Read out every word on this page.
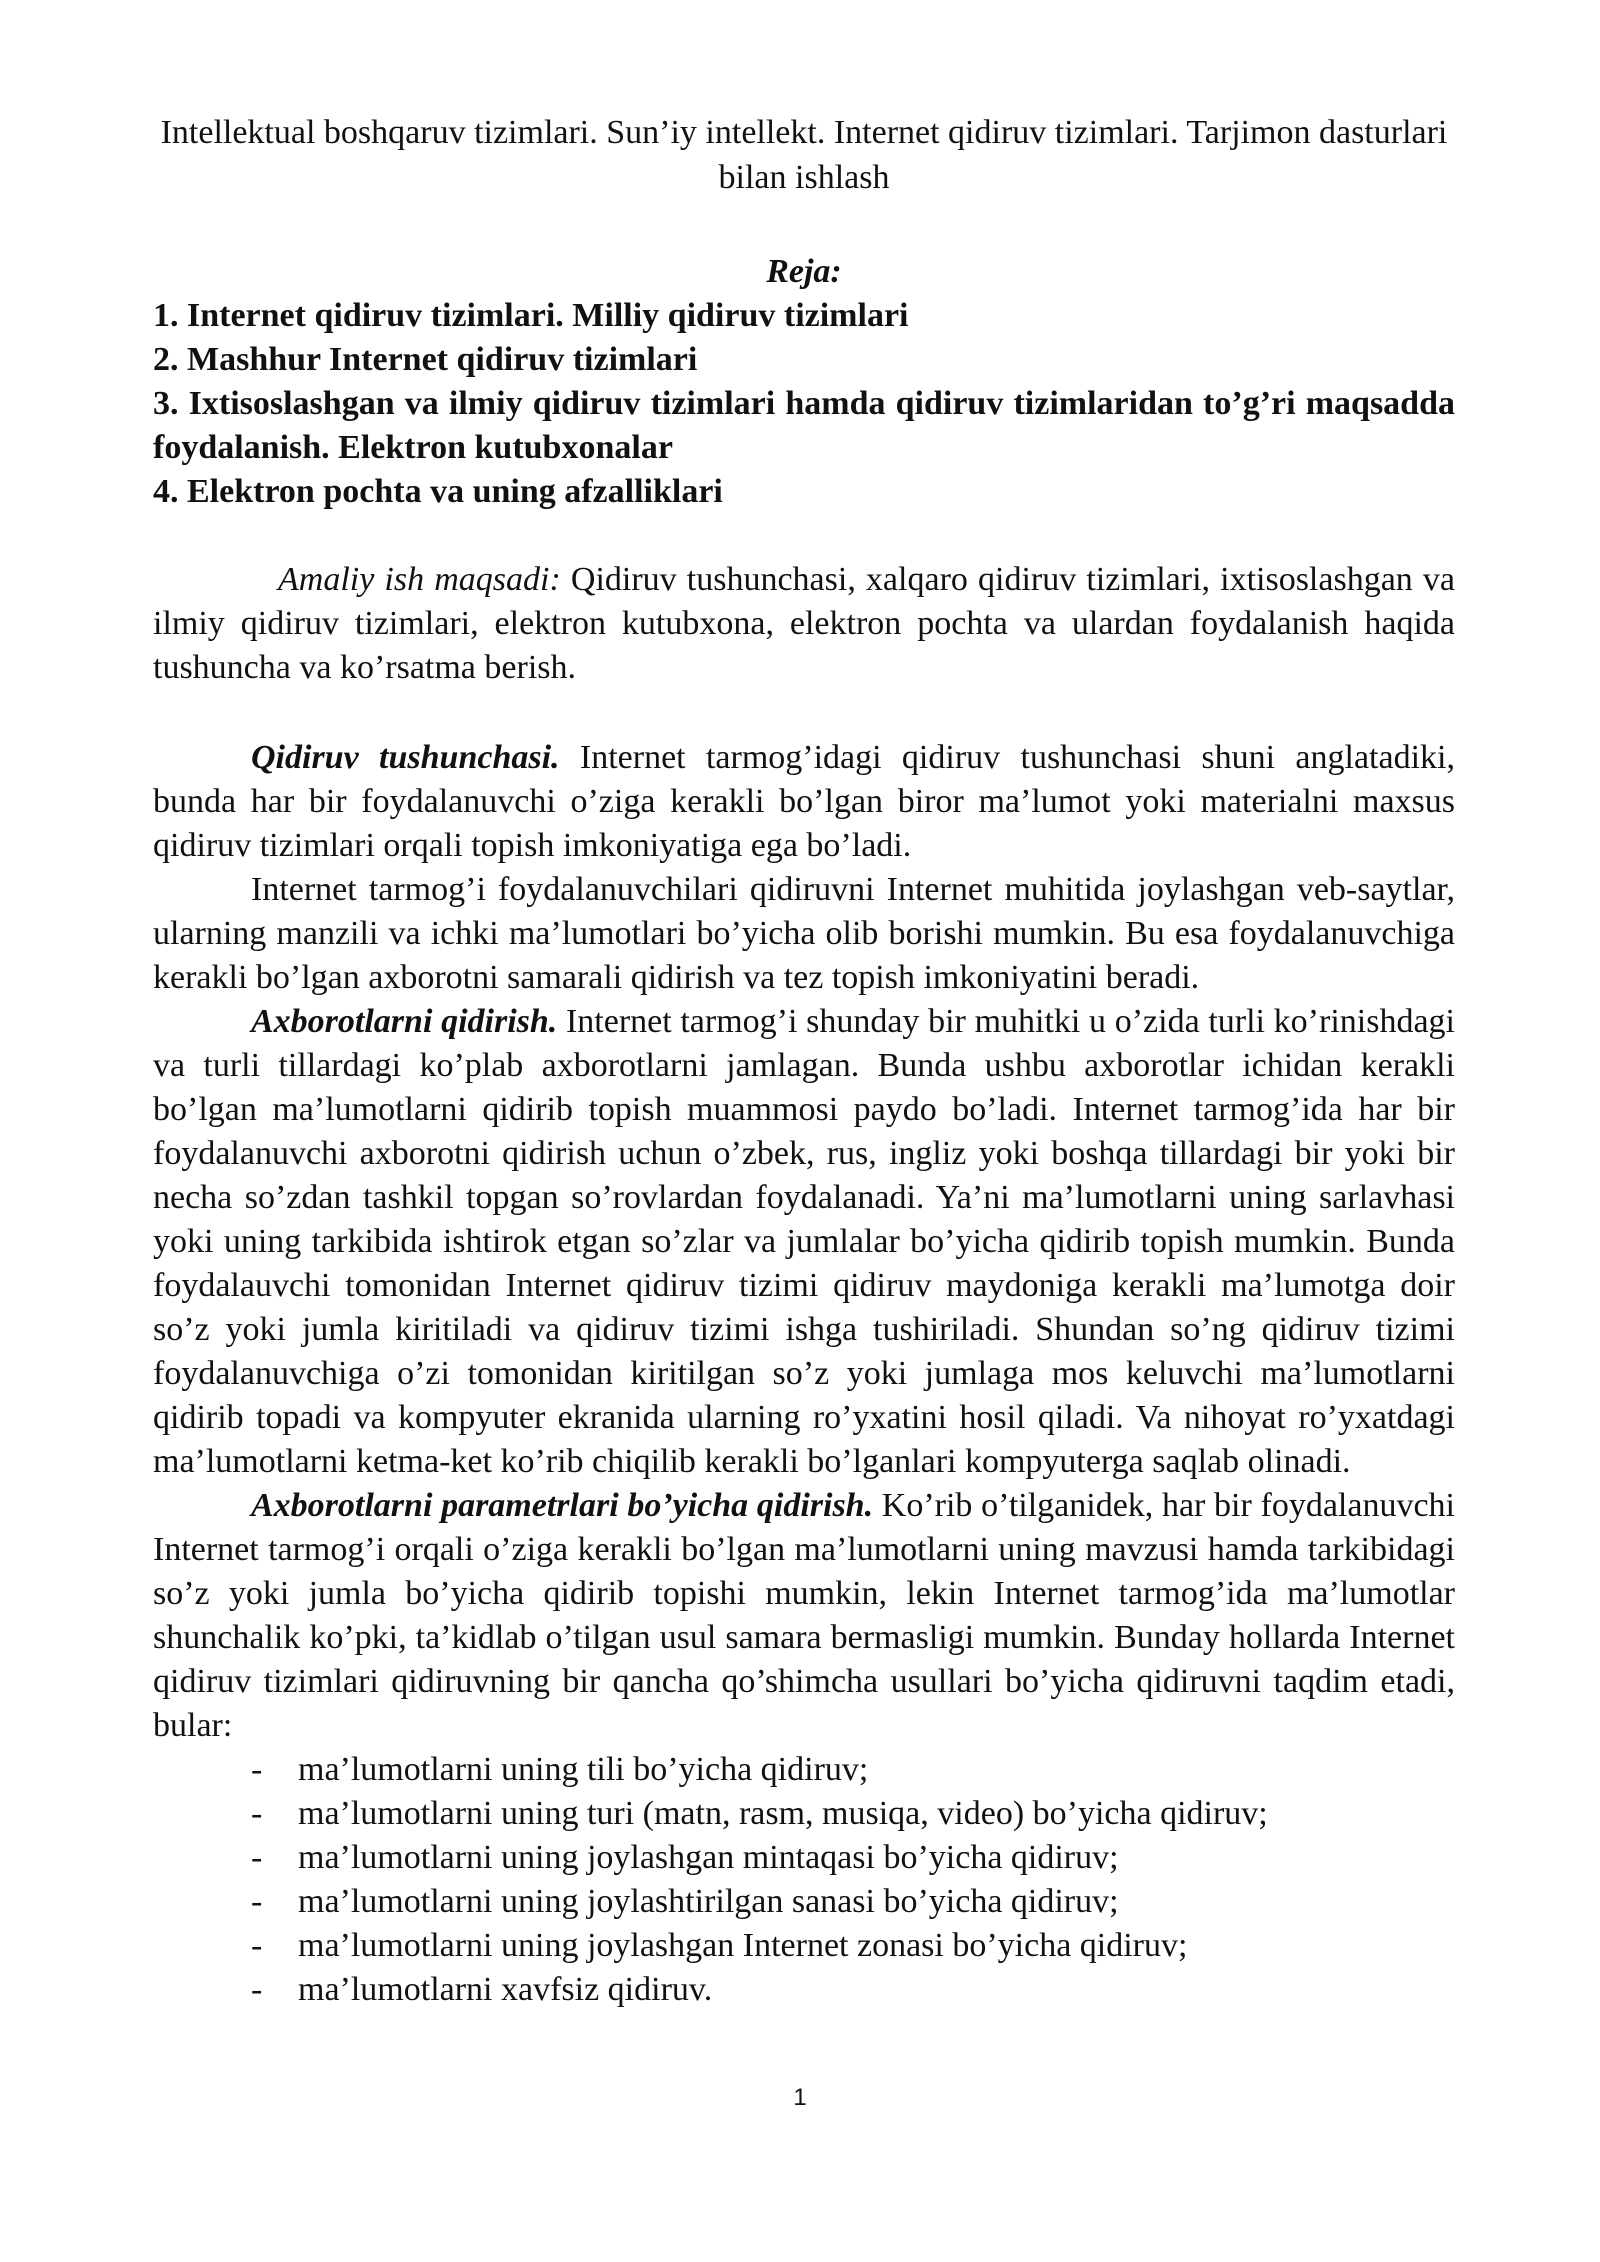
Intellektual boshqaruv tizimlari. Sun’iy intellekt. Internet qidiruv tizimlari. Tarjimon dasturlari bilan ishlash

Reja:

1. Internet qidiruv tizimlari. Milliy qidiruv tizimlari
2. Mashhur Internet qidiruv tizimlari
3. Ixtisoslashgan va ilmiy qidiruv tizimlari hamda qidiruv tizimlaridan to’g’ri maqsadda foydalanish. Elektron kutubxonalar
4. Elektron pochta va uning afzalliklari

Amaliy ish maqsadi: Qidiruv tushunchasi, xalqaro qidiruv tizimlari, ixtisoslashgan va ilmiy qidiruv tizimlari, elektron kutubxona, elektron pochta va ulardan foydalanish haqida tushuncha va ko’rsatma berish.

Qidiruv tushunchasi. Internet tarmog’idagi qidiruv tushunchasi shuni anglatadiki, bunda har bir foydalanuvchi o’ziga kerakli bo’lgan biror ma’lumot yoki materialni maxsus qidiruv tizimlari orqali topish imkoniyatiga ega bo’ladi.

Internet tarmog’i foydalanuvchilari qidiruvni Internet muhitida joylashgan veb-saytlar, ularning manzili va ichki ma’lumotlari bo’yicha olib borishi mumkin. Bu esa foydalanuvchiga kerakli bo’lgan axborotni samarali qidirish va tez topish imkoniyatini beradi.

Axborotlarni qidirish. Internet tarmog’i shunday bir muhitki u o’zida turli ko’rinishdagi va turli tillardagi ko’plab axborotlarni jamlagan. Bunda ushbu axborotlar ichidan kerakli bo’lgan ma’lumotlarni qidirib topish muammosi paydo bo’ladi. Internet tarmog’ida har bir foydalanuvchi axborotni qidirish uchun o’zbek, rus, ingliz yoki boshqa tillardagi bir yoki bir necha so’zdan tashkil topgan so’rovlardan foydalanadi. Ya’ni ma’lumotlarni uning sarlavhasi yoki uning tarkibida ishtirok etgan so’zlar va jumlalar bo’yicha qidirib topish mumkin. Bunda foydalauvchi tomonidan Internet qidiruv tizimi qidiruv maydoniga kerakli ma’lumotga doir so’z yoki jumla kiritiladi va qidiruv tizimi ishga tushiriladi. Shundan so’ng qidiruv tizimi foydalanuvchiga o’zi tomonidan kiritilgan so’z yoki jumlaga mos keluvchi ma’lumotlarni qidirib topadi va kompyuter ekranida ularning ro’yxatini hosil qiladi. Va nihoyat ro’yxatdagi ma’lumotlarni ketma-ket ko’rib chiqilib kerakli bo’lganlari kompyuterga saqlab olinadi.

Axborotlarni parametrlari bo’yicha qidirish. Ko’rib o’tilganidek, har bir foydalanuvchi Internet tarmog’i orqali o’ziga kerakli bo’lgan ma’lumotlarni uning mavzusi hamda tarkibidagi so’z yoki jumla bo’yicha qidirib topishi mumkin, lekin Internet tarmog’ida ma’lumotlar shunchalik ko’pki, ta’kidlab o’tilgan usul samara bermasligi mumkin. Bunday hollarda Internet qidiruv tizimlari qidiruvning bir qancha qo’shimcha usullari bo’yicha qidiruvni taqdim etadi, bular:

- ma’lumotlarni uning tili bo’yicha qidiruv;
- ma’lumotlarni uning turi (matn, rasm, musiqa, video) bo’yicha qidiruv;
- ma’lumotlarni uning joylashgan mintaqasi bo’yicha qidiruv;
- ma’lumotlarni uning joylashtirilgan sanasi bo’yicha qidiruv;
- ma’lumotlarni uning joylashgan Internet zonasi bo’yicha qidiruv;
- ma’lumotlarni xavfsiz qidiruv.
1
